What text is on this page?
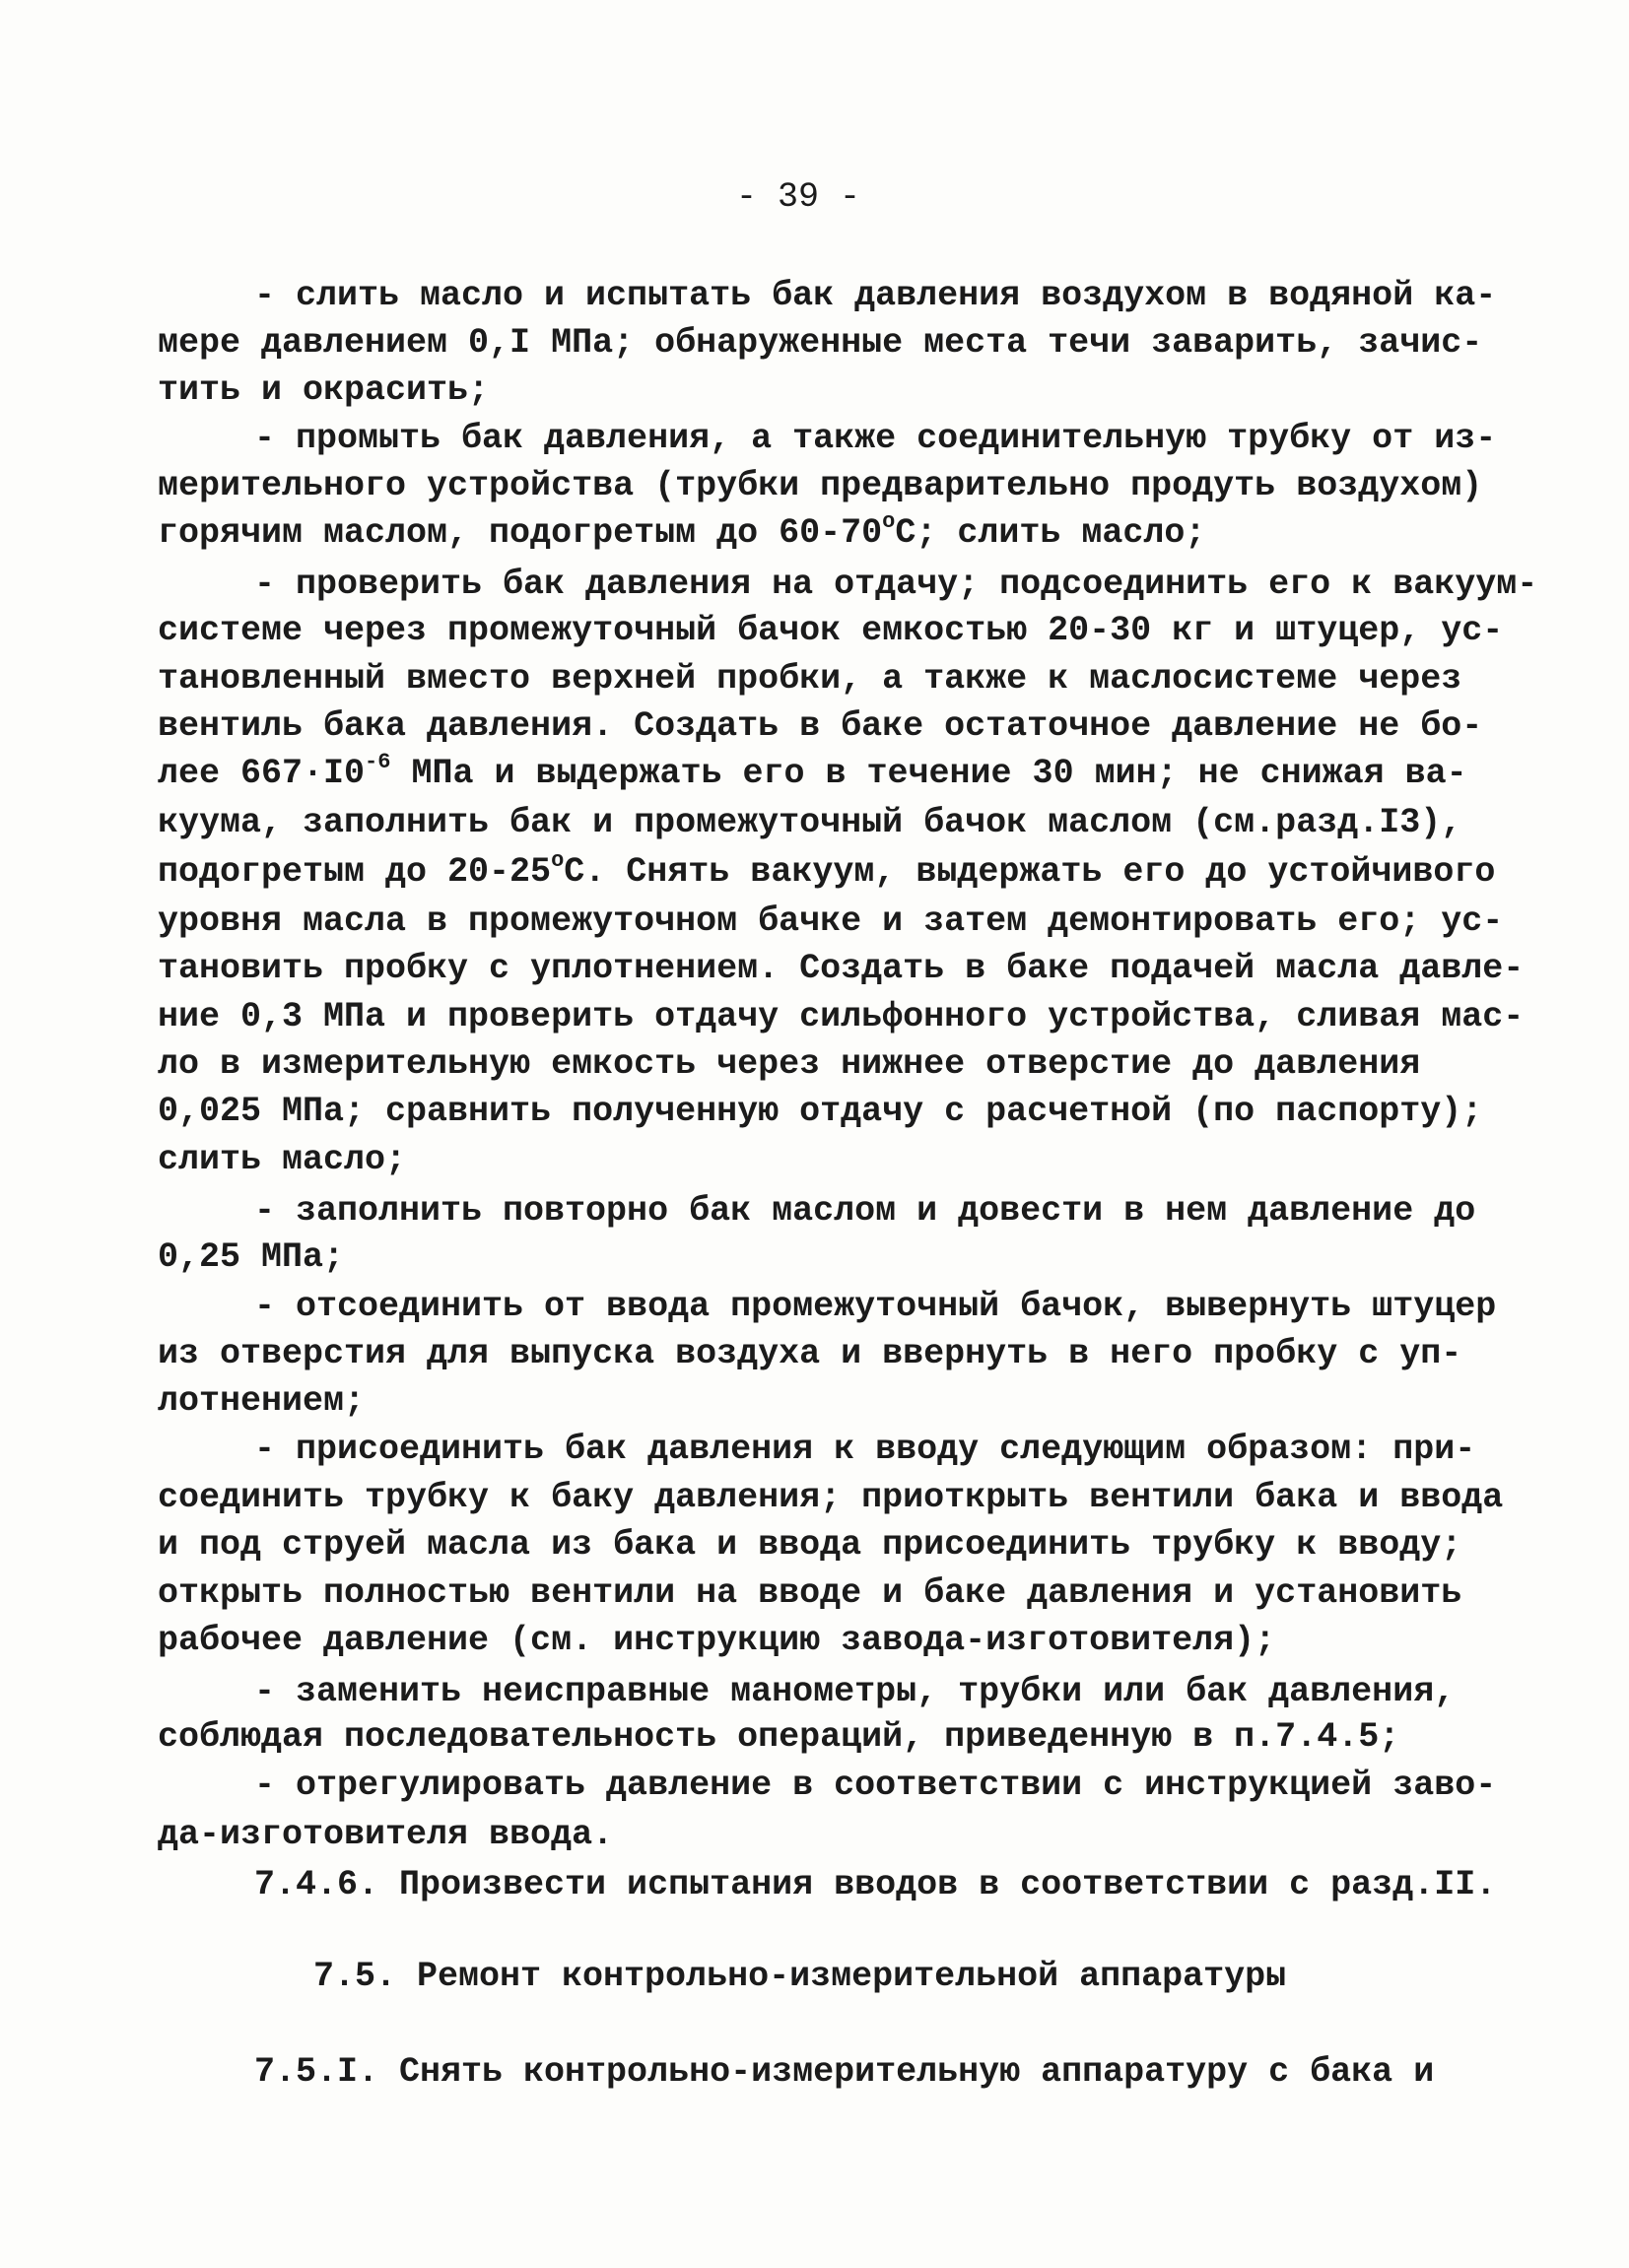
- 39 -
- слить масло и испытать бак давления воздухом в водяной ка-
мере давлением 0,I МПа; обнаруженные места течи заварить, зачис-
тить и окрасить;
- промыть бак давления, а также соединительную трубку от из-
мерительного устройства (трубки предварительно продуть воздухом)
горячим маслом, подогретым до $60-70^оС$; слить масло;
- проверить бак давления на отдачу; подсоединить его к вакуум-
системе через промежуточный бачок емкостью 20-30 кг и штуцер, ус-
тановленный вместо верхней пробки, а также к маслосистеме через
вентиль бака давления. Создать в баке остаточное давление не бо-
лее $667\cdot I0^{-6}$ МПа и выдержать его в течение 30 мин; не снижая ва-
куума, заполнить бак и промежуточный бачок маслом (см.разд.I3),
подогретым до $20-25^оС$. Снять вакуум, выдержать его до устойчивого
уровня масла в промежуточном бачке и затем демонтировать его; ус-
тановить пробку с уплотнением. Создать в баке подачей масла давле-
ние 0,3 МПа и проверить отдачу сильфонного устройства, сливая мас-
ло в измерительную емкость через нижнее отверстие до давления
0,025 МПа; сравнить полученную отдачу с расчетной (по паспорту);
слить масло;
- заполнить повторно бак маслом и довести в нем давление до
0,25 МПа;
- отсоединить от ввода промежуточный бачок, вывернуть штуцер
из отверстия для выпуска воздуха и ввернуть в него пробку с уп-
лотнением;
- присоединить бак давления к вводу следующим образом: при-
соединить трубку к баку давления; приоткрыть вентили бака и ввода
и под струей масла из бака и ввода присоединить трубку к вводу;
открыть полностью вентили на вводе и баке давления и установить
рабочее давление (см. инструкцию завода-изготовителя);
- заменить неисправные манометры, трубки или бак давления,
соблюдая последовательность операций, приведенную в п.7.4.5;
- отрегулировать давление в соответствии с инструкцией заво-
да-изготовителя ввода.
7.4.6. Произвести испытания вводов в соответствии с разд.II.
7.5. Ремонт контрольно-измерительной аппаратуры
7.5.I. Снять контрольно-измерительную аппаратуру с бака и
